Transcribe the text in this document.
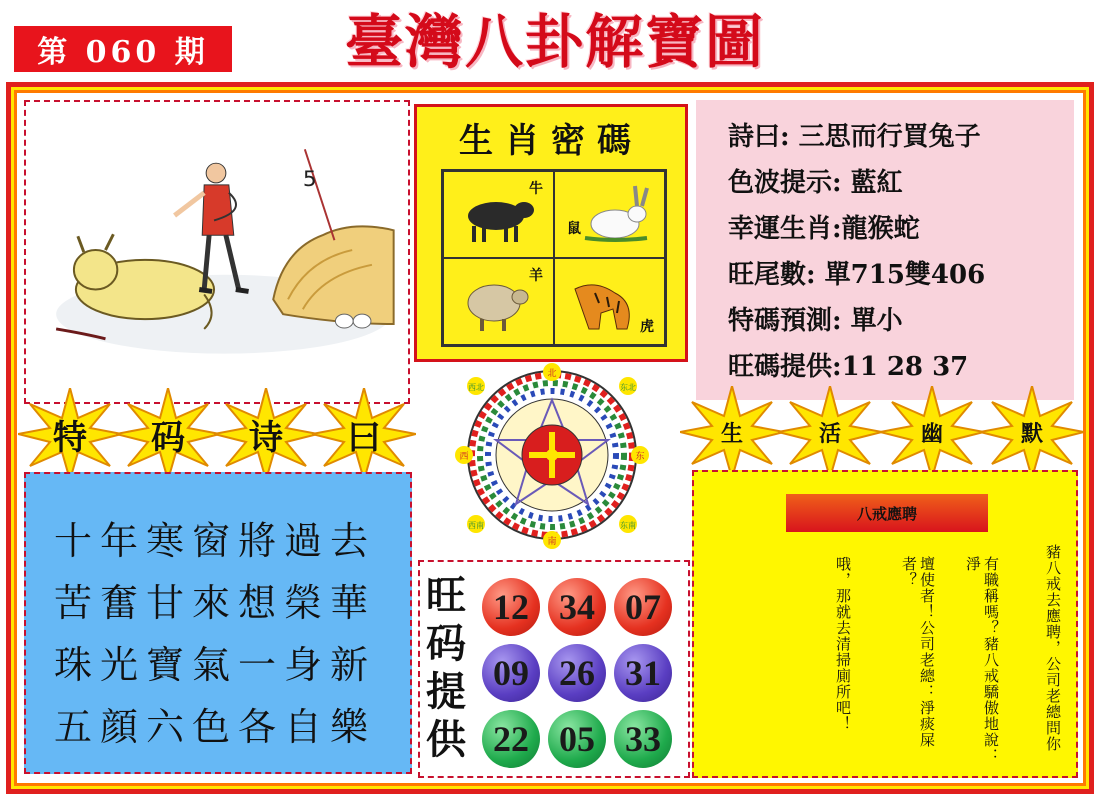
第 060 期	臺灣八卦解寶圖
5
生肖密碼
牛
鼠
羊
虎
詩曰: 三思而行買兔子
色波提示: 藍紅
幸運生肖:龍猴蛇
旺尾數: 單715雙406
特碼預測: 單小
旺碼提供:11 28 37
特	码	诗	曰	生	活	幽	默
北
西	东
南
西北	东北
西南	东南
十年寒窗將過去
苦奮甘來想榮華
珠光寶氣一身新
五顔六色各自樂
旺码提供
12 34 07
09 26 31
22 05 33
八戒應聘
豬八戒去應聘，公司老總問你
有職稱嗎？豬八戒驕傲地說：淨
壇使者！公司老總：淨痰屎者？
哦，那就去清掃廁所吧！
